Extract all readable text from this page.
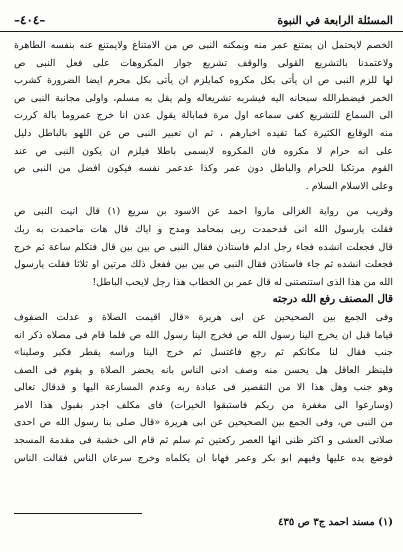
المسئلة الرابعة في النبوة
–٤٠٤–
الخصم لايحتمل ان يمتنع عمر منه وبمكنه النبى ص من الامتناع ولايمتنع عنه بنفسه الطاهرة
ولاعتمدنا بالتشريع القولى والوقف تشريع جواز المكروهات على فعل النبى ص
لها للزم النبى ص ان يأتى بكل مكروه كمايلزم ان يأتى بكل محرم ايضا الضرورة كشرب
الخمر فيضطرالله سبحانه اليه فيشربه تشريعاله ولم يقل به مسلم، واولى مجانبة النبى ص
الى السماع للتشريع كفى سماعه اول مرة فمابالة يقول عدن انا خرج عمروما بالة كررت
منه الوقايع الكثيرة كما تفيده اخبارهم ، ثم ان تعبير النبى ص عن اللهو بالباطل دليل
على انه حرام لا مكروه فان المكروه لايسمى باطلا فيلزم ان يكون النبى ص عند
القوم مرتكبا للحرام والباطل دون عمر وكذا عدعمر نفسه فيكون افضل من النبى ص
وعلى الاسلام السلام .
وقريب من رواية الغزالى ماروا احمد عن الاسود بن سريع (١) قال اتيت النبى ص
فقلت يارسول الله انى قدحمدت ربى بمحامد ومدح و اياك قال هات ماحمدت به ربك
قال فجعلت انشده فجاء رجل ادلم فاستاذن فقال النبى ص بين بين قال فتكلم ساعة ثم خرج
فجعلت انشده ثم جاء فاستاذن فقال النبى ص بين بين ففعل ذلك مرتين او ثلاثا فقلت يارسول
الله من هذا الذى استنصتنى له قال عمر بن الخطاب هذا رجل لايحب الباطل!
قال المصنف رفع الله درجته
وفى الجمع بين الصحيحين عن ابى هريرة «قال اقيمت الصلاة و عدلت الصفوف
قياما قبل ان يخرج الينا رسول الله ص فخرج الينا رسول الله ص فلما قام فى مصلاه ذكر انه
جنب فقال لنا مكانكم ثم رجع فاغتسل ثم خرج الينا وراسه يقطر فكبر وصلينا»
فلينظر العاقل هل يحسن منه وصف ادنى الناس بانه يحضر الصلاة و يقوم فى الصف
وهو جنب وهل هذا الا من التقصير فى عبادة ربه وعدم المسارعة اليها و قدقال تعالى
(وسارعوا الى مغفرة من ربكم فاستبقوا الخيرات) فاى مكلف اجدر بقبول هذا الامر
من النبى ص، وفى الجمع بين الصحيحين عن ابى هريرة «قال صلى بنا رسول الله ص احدى
صلاتى العشى و اكثر ظنى انها العصر ركعتين ثم سلم ثم قام الى خشبة فى مقدمة المسجد
فوضع يده عليها وفيهم ابو بكر وعمر فهابا ان يكلماه وخرج سرعان الناس فقالت الناس
(١) مسند احمد ج٣ ص ٤٣٥
